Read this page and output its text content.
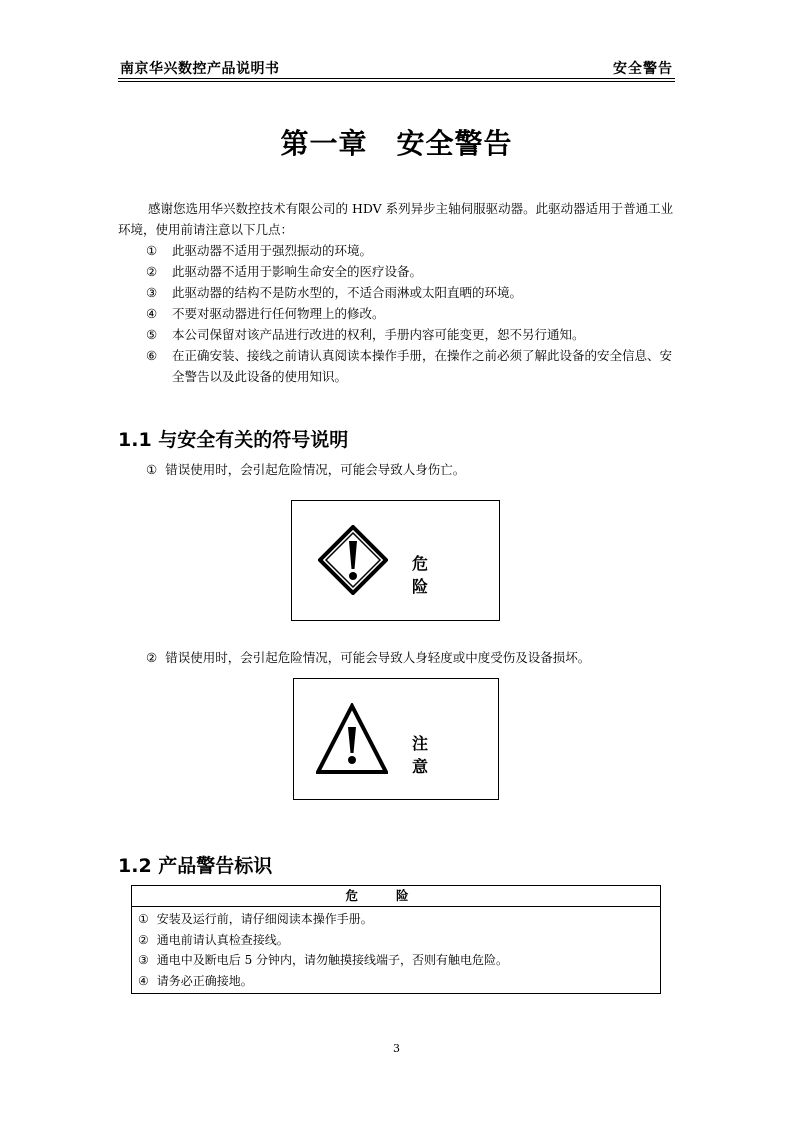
南京华兴数控产品说明书	安全警告
第一章　安全警告
感谢您选用华兴数控技术有限公司的 HDV 系列异步主轴伺服驱动器。此驱动器适用于普通工业环境，使用前请注意以下几点：
① 此驱动器不适用于强烈振动的环境。
② 此驱动器不适用于影响生命安全的医疗设备。
③ 此驱动器的结构不是防水型的，不适合雨淋或太阳直晒的环境。
④ 不要对驱动器进行任何物理上的修改。
⑤ 本公司保留对该产品进行改进的权利，手册内容可能变更，恕不另行通知。
⑥ 在正确安装、接线之前请认真阅读本操作手册，在操作之前必须了解此设备的安全信息、安全警告以及此设备的使用知识。
1.1 与安全有关的符号说明
① 错误使用时，会引起危险情况，可能会导致人身伤亡。
危险
② 错误使用时，会引起危险情况，可能会导致人身轻度或中度受伤及设备损坏。
注意
1.2 产品警告标识
危险
① 安装及运行前，请仔细阅读本操作手册。
② 通电前请认真检查接线。
③ 通电中及断电后 5 分钟内，请勿触摸接线端子，否则有触电危险。
④ 请务必正确接地。
3
